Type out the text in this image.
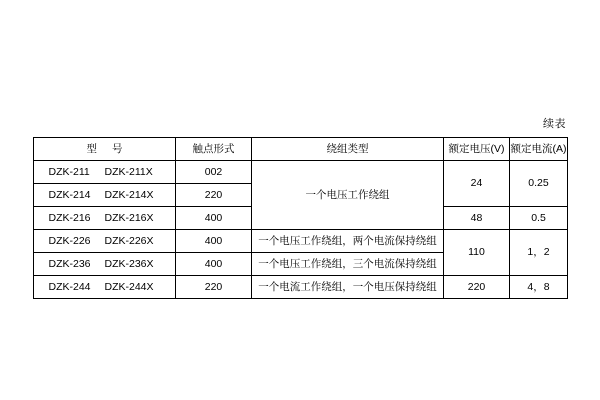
续表
型 号	触点形式	绕组类型	额定电压(V)	额定电流(A)
DZK-211 DZK-211X	002	一个电压工作绕组	24	0.25
DZK-214 DZK-214X	220			
DZK-216 DZK-216X	400		48	0.5
DZK-226 DZK-226X	400	一个电压工作绕组，两个电流保持绕组	110	1，2
DZK-236 DZK-236X	400	一个电压工作绕组，三个电流保持绕组		
DZK-244 DZK-244X	220	一个电流工作绕组，一个电压保持绕组	220	4，8
